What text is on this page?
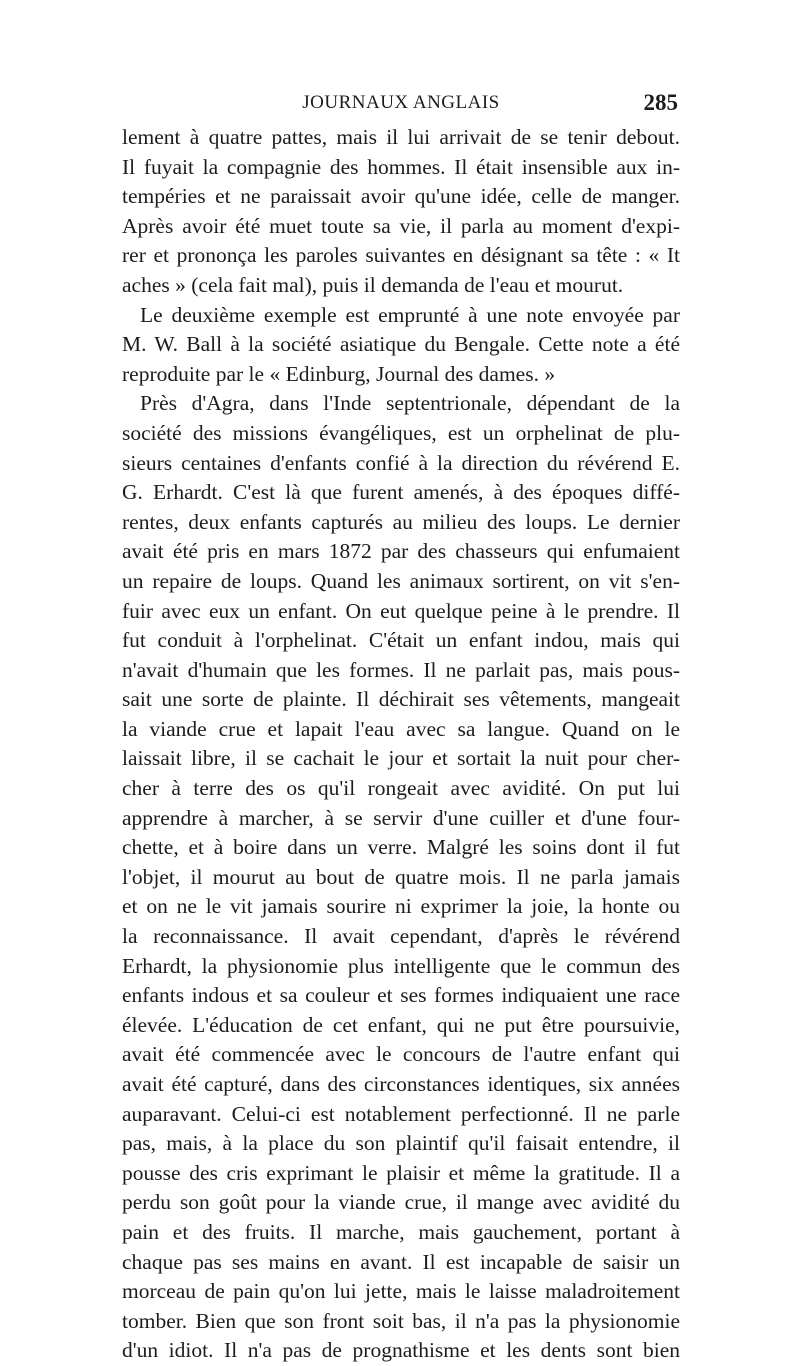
JOURNAUX ANGLAIS	285
lement à quatre pattes, mais il lui arrivait de se tenir debout.
Il fuyait la compagnie des hommes. Il était insensible aux in-
tempéries et ne paraissait avoir qu'une idée, celle de manger.
Après avoir été muet toute sa vie, il parla au moment d'expi-
rer et prononça les paroles suivantes en désignant sa tête : « It
aches » (cela fait mal), puis il demanda de l'eau et mourut.
Le deuxième exemple est emprunté à une note envoyée par
M. W. Ball à la société asiatique du Bengale. Cette note a été
reproduite par le « Edinburg, Journal des dames. »
Près d'Agra, dans l'Inde septentrionale, dépendant de la
société des missions évangéliques, est un orphelinat de plu-
sieurs centaines d'enfants confié à la direction du révérend E.
G. Erhardt. C'est là que furent amenés, à des époques diffé-
rentes, deux enfants capturés au milieu des loups. Le dernier
avait été pris en mars 1872 par des chasseurs qui enfumaient
un repaire de loups. Quand les animaux sortirent, on vit s'en-
fuir avec eux un enfant. On eut quelque peine à le prendre. Il
fut conduit à l'orphelinat. C'était un enfant indou, mais qui
n'avait d'humain que les formes. Il ne parlait pas, mais pous-
sait une sorte de plainte. Il déchirait ses vêtements, mangeait
la viande crue et lapait l'eau avec sa langue. Quand on le
laissait libre, il se cachait le jour et sortait la nuit pour cher-
cher à terre des os qu'il rongeait avec avidité. On put lui
apprendre à marcher, à se servir d'une cuiller et d'une four-
chette, et à boire dans un verre. Malgré les soins dont il fut
l'objet, il mourut au bout de quatre mois. Il ne parla jamais
et on ne le vit jamais sourire ni exprimer la joie, la honte ou
la reconnaissance. Il avait cependant, d'après le révérend
Erhardt, la physionomie plus intelligente que le commun des
enfants indous et sa couleur et ses formes indiquaient une race
élevée. L'éducation de cet enfant, qui ne put être poursuivie,
avait été commencée avec le concours de l'autre enfant qui
avait été capturé, dans des circonstances identiques, six années
auparavant. Celui-ci est notablement perfectionné. Il ne parle
pas, mais, à la place du son plaintif qu'il faisait entendre, il
pousse des cris exprimant le plaisir et même la gratitude. Il a
perdu son goût pour la viande crue, il mange avec avidité du
pain et des fruits. Il marche, mais gauchement, portant à
chaque pas ses mains en avant. Il est incapable de saisir un
morceau de pain qu'on lui jette, mais le laisse maladroitement
tomber. Bien que son front soit bas, il n'a pas la physionomie
d'un idiot. Il n'a pas de prognathisme et les dents sont bien
